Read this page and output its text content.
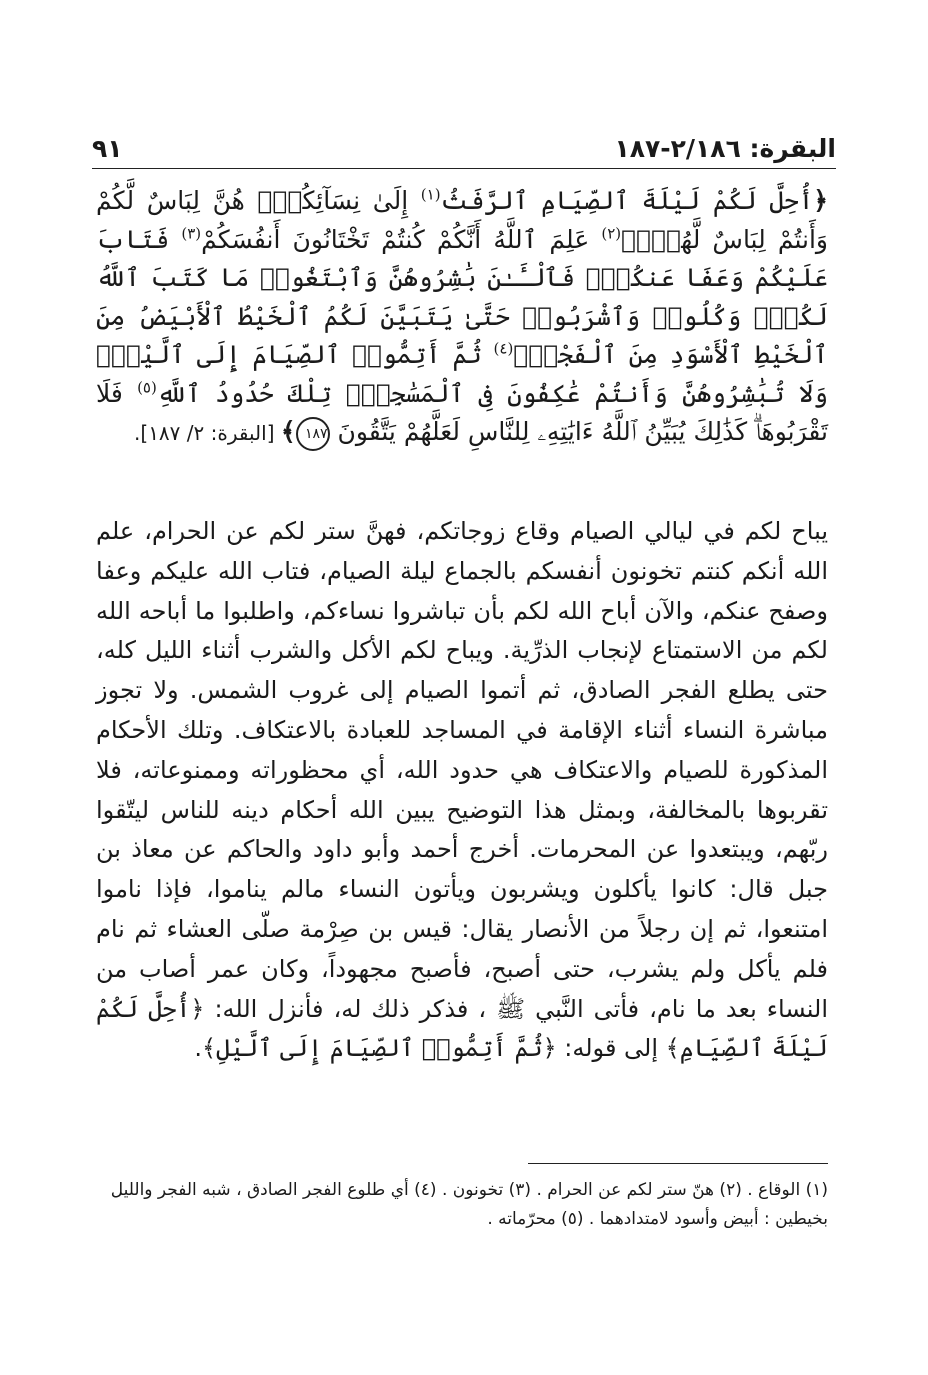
البقرة: ٢/١٨٦-١٨٧
٩١
﴿أُحِلَّ لَكُمْ لَيْلَةَ ٱلصِّيَامِ ٱلرَّفَثُ$^{(١)}$ إِلَىٰ نِسَآئِكُمْۚ هُنَّ لِبَاسٌ لَّكُمْ وَأَنتُمْ لِبَاسٌ لَّهُنَّۗ$^{(٢)}$ عَلِمَ ٱللَّهُ أَنَّكُمْ كُنتُمْ تَخْتَانُونَ أَنفُسَكُمْ$^{(٣)}$ فَتَابَ عَلَيْكُمْ وَعَفَا عَنكُمْۖ فَٱلْـَٔـٰنَ بَٰشِرُوهُنَّ وَٱبْتَغُوا۟ مَا كَتَبَ ٱللَّهُ لَكُمْۚ وَكُلُوا۟ وَٱشْرَبُوا۟ حَتَّىٰ يَتَبَيَّنَ لَكُمُ ٱلْخَيْطُ ٱلْأَبْيَضُ مِنَ ٱلْخَيْطِ ٱلْأَسْوَدِ مِنَ ٱلْفَجْرِۖ$^{(٤)}$ ثُمَّ أَتِمُّوا۟ ٱلصِّيَامَ إِلَى ٱلَّيْلِۚ وَلَا تُبَٰشِرُوهُنَّ وَأَنتُمْ عَٰكِفُونَ فِى ٱلْمَسَٰجِدِۗ تِلْكَ حُدُودُ ٱللَّهِ$^{(٥)}$ فَلَا تَقْرَبُوهَاۗ كَذَٰلِكَ يُبَيِّنُ ٱللَّهُ ءَايَٰتِهِۦ لِلنَّاسِ لَعَلَّهُمْ يَتَّقُونَ ١٨٧﴾ [البقرة: ٢/ ١٨٧].
يباح لكم في ليالي الصيام وقاع زوجاتكم، فهنَّ ستر لكم عن الحرام، علم الله أنكم كنتم تخونون أنفسكم بالجماع ليلة الصيام، فتاب الله عليكم وعفا وصفح عنكم، والآن أباح الله لكم بأن تباشروا نساءكم، واطلبوا ما أباحه الله لكم من الاستمتاع لإنجاب الذرِّية. ويباح لكم الأكل والشرب أثناء الليل كله، حتى يطلع الفجر الصادق، ثم أتموا الصيام إلى غروب الشمس. ولا تجوز مباشرة النساء أثناء الإقامة في المساجد للعبادة بالاعتكاف. وتلك الأحكام المذكورة للصيام والاعتكاف هي حدود الله، أي محظوراته وممنوعاته، فلا تقربوها بالمخالفة، وبمثل هذا التوضيح يبين الله أحكام دينه للناس ليتّقوا ربّهم، ويبتعدوا عن المحرمات. أخرج أحمد وأبو داود والحاكم عن معاذ بن جبل قال: كانوا يأكلون ويشربون ويأتون النساء مالم يناموا، فإذا ناموا امتنعوا، ثم إن رجلاً من الأنصار يقال: قيس بن صِرْمة صلّى العشاء ثم نام فلم يأكل ولم يشرب، حتى أصبح، فأصبح مجهوداً، وكان عمر أصاب من النساء بعد ما نام، فأتى النَّبي ﷺ ، فذكر ذلك له، فأنزل الله: ﴿أُحِلَّ لَكُمْ لَيْلَةَ ٱلصِّيَامِ﴾ إلى قوله: ﴿ثُمَّ أَتِمُّوا۟ ٱلصِّيَامَ إِلَى ٱلَّيْلِ﴾.
(١) الوقاع . (٢) هنّ ستر لكم عن الحرام . (٣) تخونون . (٤) أي طلوع الفجر الصادق ، شبه الفجر والليل
بخيطين : أبيض وأسود لامتدادهما . (٥) محرّماته .
